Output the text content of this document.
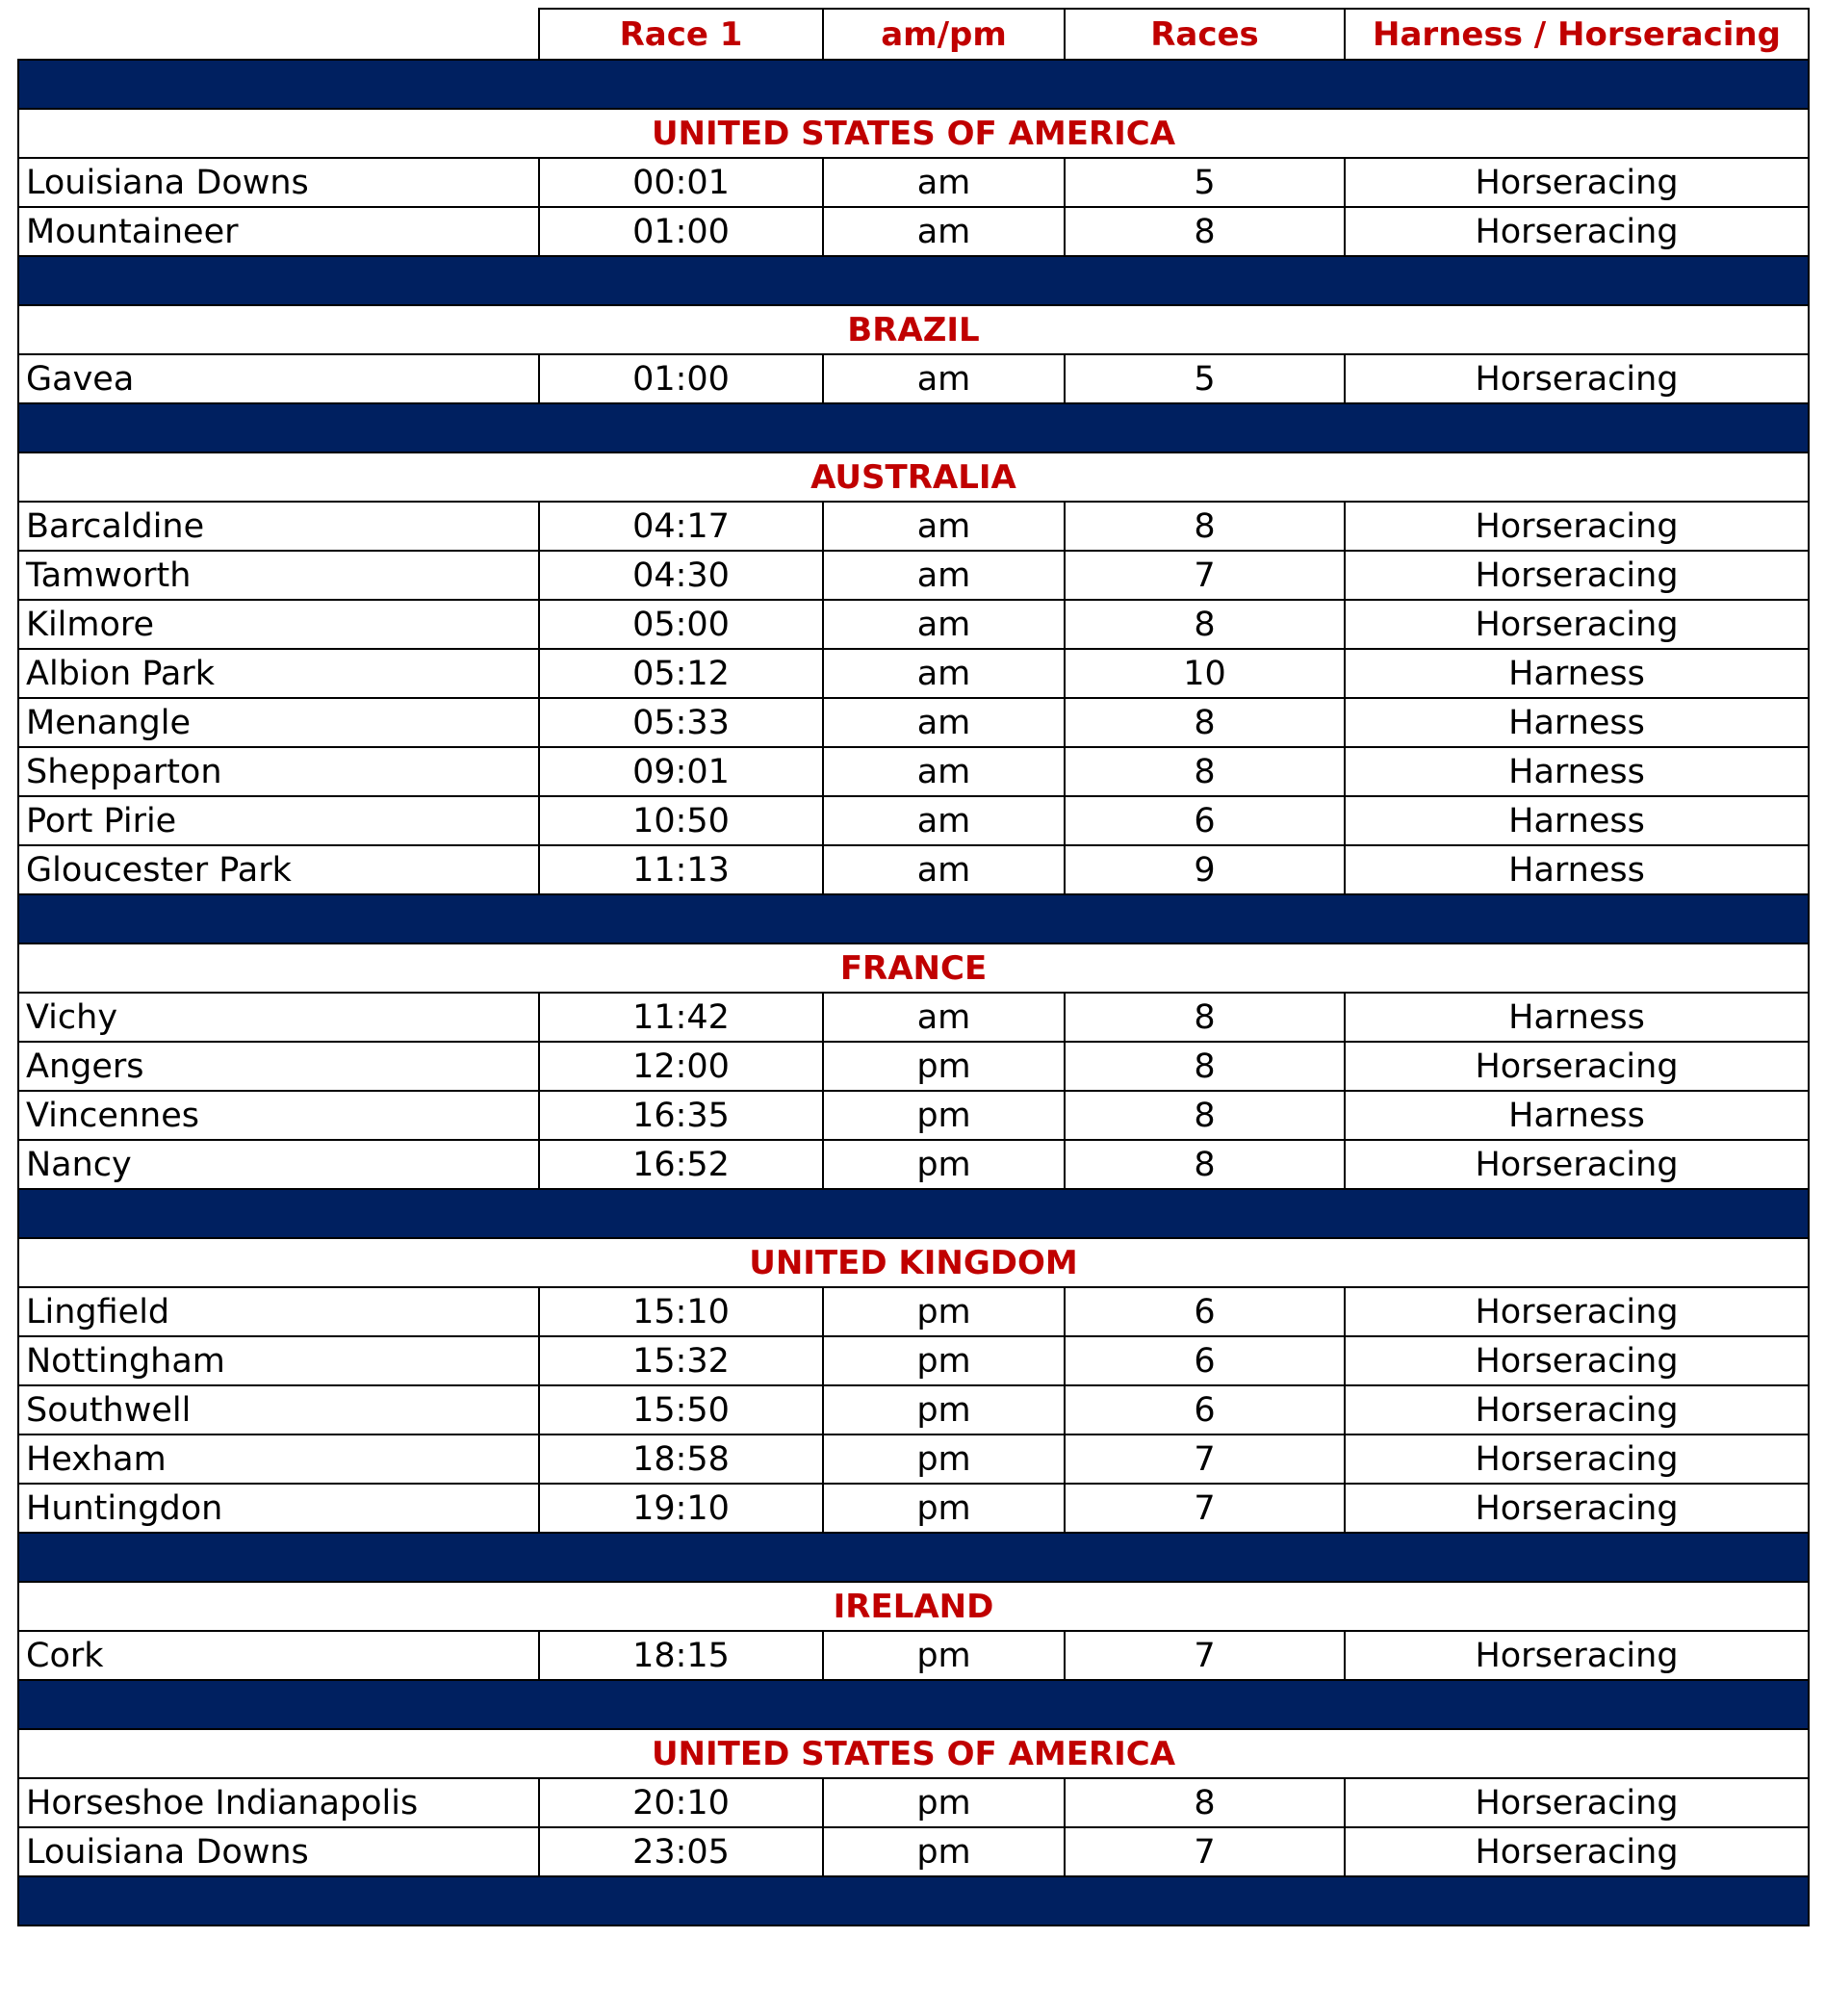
	Race 1	am/pm	Races	Harness / Horseracing

UNITED STATES OF AMERICA				
Louisiana Downs	00:01	am	5	Horseracing
Mountaineer	01:00	am	8	Horseracing

BRAZIL				
Gavea	01:00	am	5	Horseracing

AUSTRALIA				
Barcaldine	04:17	am	8	Horseracing
Tamworth	04:30	am	7	Horseracing
Kilmore	05:00	am	8	Horseracing
Albion Park	05:12	am	10	Harness
Menangle	05:33	am	8	Harness
Shepparton	09:01	am	8	Harness
Port Pirie	10:50	am	6	Harness
Gloucester Park	11:13	am	9	Harness

FRANCE				
Vichy	11:42	am	8	Harness
Angers	12:00	pm	8	Horseracing
Vincennes	16:35	pm	8	Harness
Nancy	16:52	pm	8	Horseracing

UNITED KINGDOM				
Lingfield	15:10	pm	6	Horseracing
Nottingham	15:32	pm	6	Horseracing
Southwell	15:50	pm	6	Horseracing
Hexham	18:58	pm	7	Horseracing
Huntingdon	19:10	pm	7	Horseracing

IRELAND				
Cork	18:15	pm	7	Horseracing

UNITED STATES OF AMERICA				
Horseshoe Indianapolis	20:10	pm	8	Horseracing
Louisiana Downs	23:05	pm	7	Horseracing
